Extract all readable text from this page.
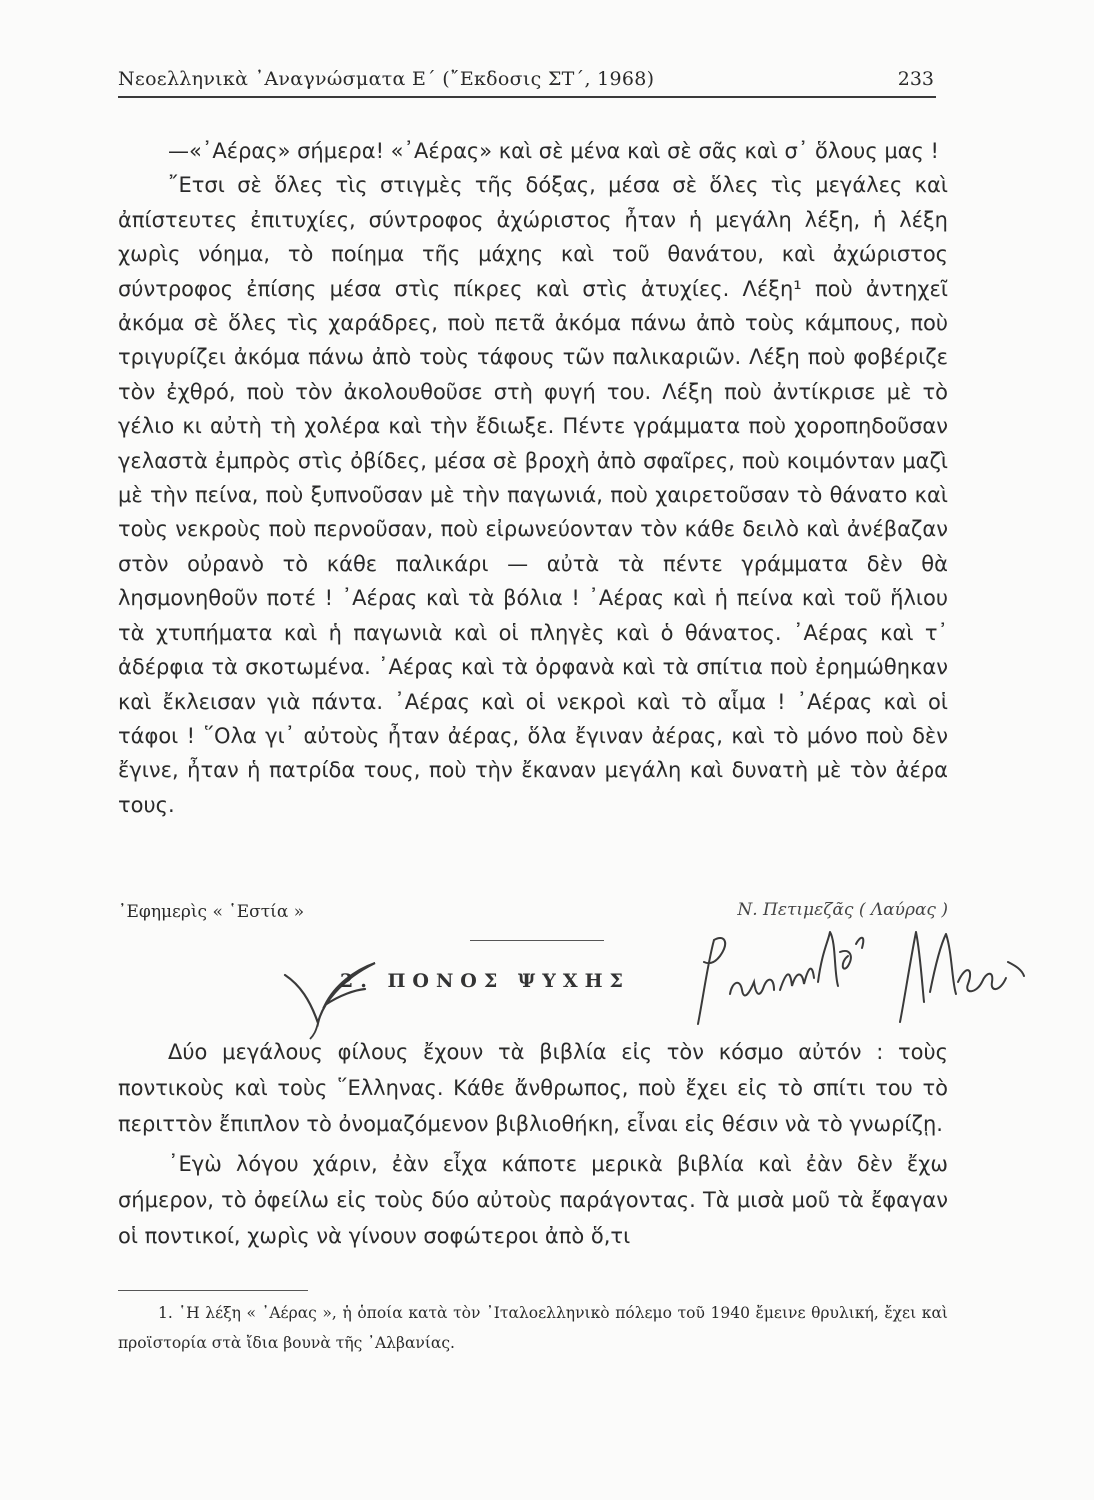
Νεοελληνικὰ ᾿Αναγνώσματα Ε΄ (῎Εκδοσις ΣΤ΄, 1968)	233

—«᾿Αέρας» σήμερα! «᾿Αέρας» καὶ σὲ μένα καὶ σὲ σᾶς καὶ σ᾿ ὅλους μας !

῎Ετσι σὲ ὅλες τὶς στιγμὲς τῆς δόξας, μέσα σὲ ὅλες τὶς μεγάλες καὶ ἀπίστευτες ἐπιτυχίες, σύντροφος ἀχώριστος ἦταν ἡ μεγάλη λέξη, ἡ λέξη χωρὶς νόημα, τὸ ποίημα τῆς μάχης καὶ τοῦ θανάτου, καὶ ἀχώριστος σύντροφος ἐπίσης μέσα στὶς πίκρες καὶ στὶς ἀτυχίες. Λέξη¹ ποὺ ἀντηχεῖ ἀκόμα σὲ ὅλες τὶς χαράδρες, ποὺ πετᾶ ἀκόμα πάνω ἀπὸ τοὺς κάμπους, ποὺ τριγυρίζει ἀκόμα πάνω ἀπὸ τοὺς τάφους τῶν παλικαριῶν. Λέξη ποὺ φοβέριζε τὸν ἐχθρό, ποὺ τὸν ἀκολουθοῦσε στὴ φυγή του. Λέξη ποὺ ἀντίκρισε μὲ τὸ γέλιο κι αὐτὴ τὴ χολέρα καὶ τὴν ἔδιωξε. Πέντε γράμματα ποὺ χοροπηδοῦσαν γελαστὰ ἐμπρὸς στὶς ὀβίδες, μέσα σὲ βροχὴ ἀπὸ σφαῖρες, ποὺ κοιμόνταν μαζὶ μὲ τὴν πείνα, ποὺ ξυπνοῦσαν μὲ τὴν παγωνιά, ποὺ χαιρετοῦσαν τὸ θάνατο καὶ τοὺς νεκροὺς ποὺ περνοῦσαν, ποὺ εἰρωνεύονταν τὸν κάθε δειλὸ καὶ ἀνέβαζαν στὸν οὐρανὸ τὸ κάθε παλικάρι — αὐτὰ τὰ πέντε γράμματα δὲν θὰ λησμονηθοῦν ποτέ ! ᾿Αέρας καὶ τὰ βόλια ! ᾿Αέρας καὶ ἡ πείνα καὶ τοῦ ἥλιου τὰ χτυπήματα καὶ ἡ παγωνιὰ καὶ οἱ πληγὲς καὶ ὁ θάνατος. ᾿Αέρας καὶ τ᾿ ἀδέρφια τὰ σκοτωμένα. ᾿Αέρας καὶ τὰ ὀρφανὰ καὶ τὰ σπίτια ποὺ ἐρημώθηκαν καὶ ἔκλεισαν γιὰ πάντα. ᾿Αέρας καὶ οἱ νεκροὶ καὶ τὸ αἷμα ! ᾿Αέρας καὶ οἱ τάφοι ! ῞Ολα γι᾿ αὐτοὺς ἦταν ἀέρας, ὅλα ἔγιναν ἀέρας, καὶ τὸ μόνο ποὺ δὲν ἔγινε, ἦταν ἡ πατρίδα τους, ποὺ τὴν ἔκαναν μεγάλη καὶ δυνατὴ μὲ τὸν ἀέρα τους.

᾿Εφημερὶς « ῾Εστία »	Ν. Πετιμεζᾶς ( Λαύρας )
2. ΠΟΝΟΣ ΨΥΧΗΣ

Δύο μεγάλους φίλους ἔχουν τὰ βιβλία εἰς τὸν κόσμο αὐτόν : τοὺς ποντικοὺς καὶ τοὺς ῞Ελληνας. Κάθε ἄνθρωπος, ποὺ ἔχει εἰς τὸ σπίτι του τὸ περιττὸν ἔπιπλον τὸ ὀνομαζόμενον βιβλιοθήκη, εἶναι εἰς θέσιν νὰ τὸ γνωρίζῃ.

᾿Εγὼ λόγου χάριν, ἐὰν εἶχα κάποτε μερικὰ βιβλία καὶ ἐὰν δὲν ἔχω σήμερον, τὸ ὀφείλω εἰς τοὺς δύο αὐτοὺς παράγοντας. Τὰ μισὰ μοῦ τὰ ἔφαγαν οἱ ποντικοί, χωρὶς νὰ γίνουν σοφώτεροι ἀπὸ ὅ,τι

1. ῾Η λέξη « ᾿Αέρας », ἡ ὁποία κατὰ τὸν ᾿Ιταλοελληνικὸ πόλεμο τοῦ 1940 ἔμεινε θρυλική, ἔχει καὶ προϊστορία στὰ ἴδια βουνὰ τῆς ᾿Αλβανίας.
